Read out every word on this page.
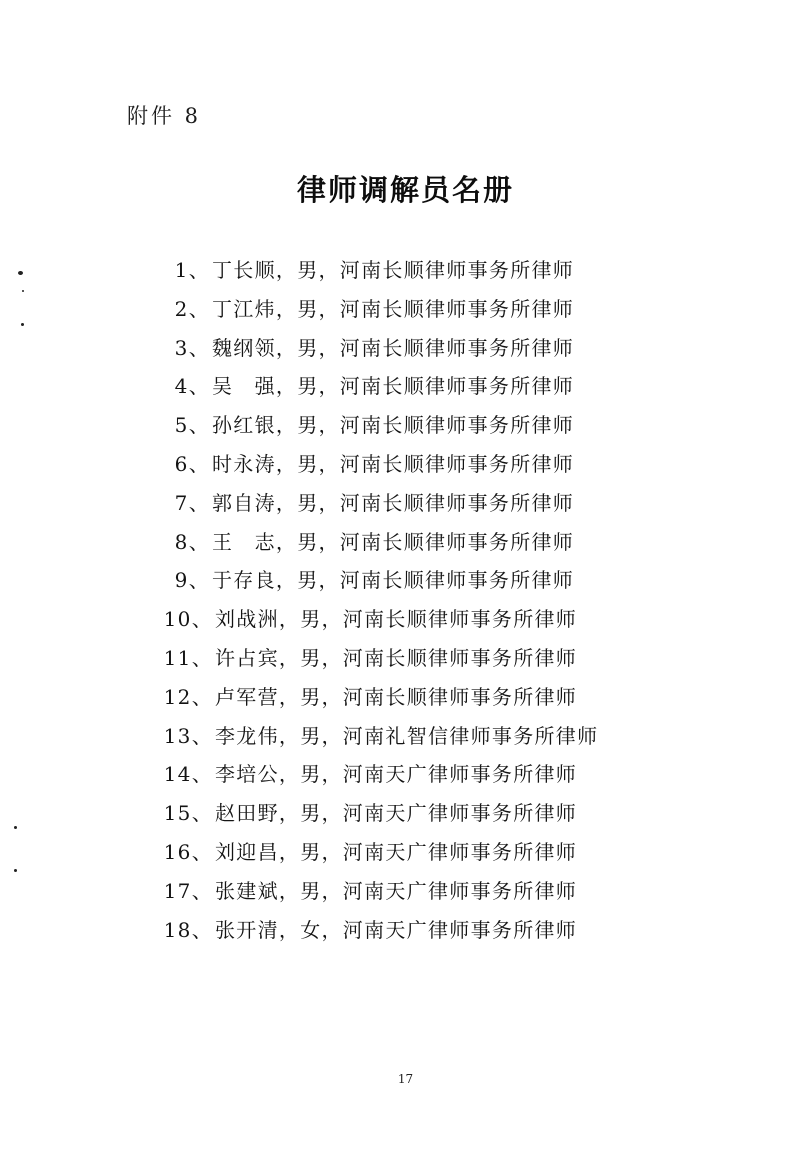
附件 8
律师调解员名册
1、 丁长顺，男，河南长顺律师事务所律师
2、 丁江炜，男，河南长顺律师事务所律师
3、 魏纲领，男，河南长顺律师事务所律师
4、 吴　强，男，河南长顺律师事务所律师
5、 孙红银，男，河南长顺律师事务所律师
6、 时永涛，男，河南长顺律师事务所律师
7、 郭自涛，男，河南长顺律师事务所律师
8、 王　志，男，河南长顺律师事务所律师
9、 于存良，男，河南长顺律师事务所律师
10、 刘战洲，男，河南长顺律师事务所律师
11、 许占宾，男，河南长顺律师事务所律师
12、 卢军营，男，河南长顺律师事务所律师
13、 李龙伟，男，河南礼智信律师事务所律师
14、 李培公，男，河南天广律师事务所律师
15、 赵田野，男，河南天广律师事务所律师
16、 刘迎昌，男，河南天广律师事务所律师
17、 张建斌，男，河南天广律师事务所律师
18、 张开清，女，河南天广律师事务所律师
17
